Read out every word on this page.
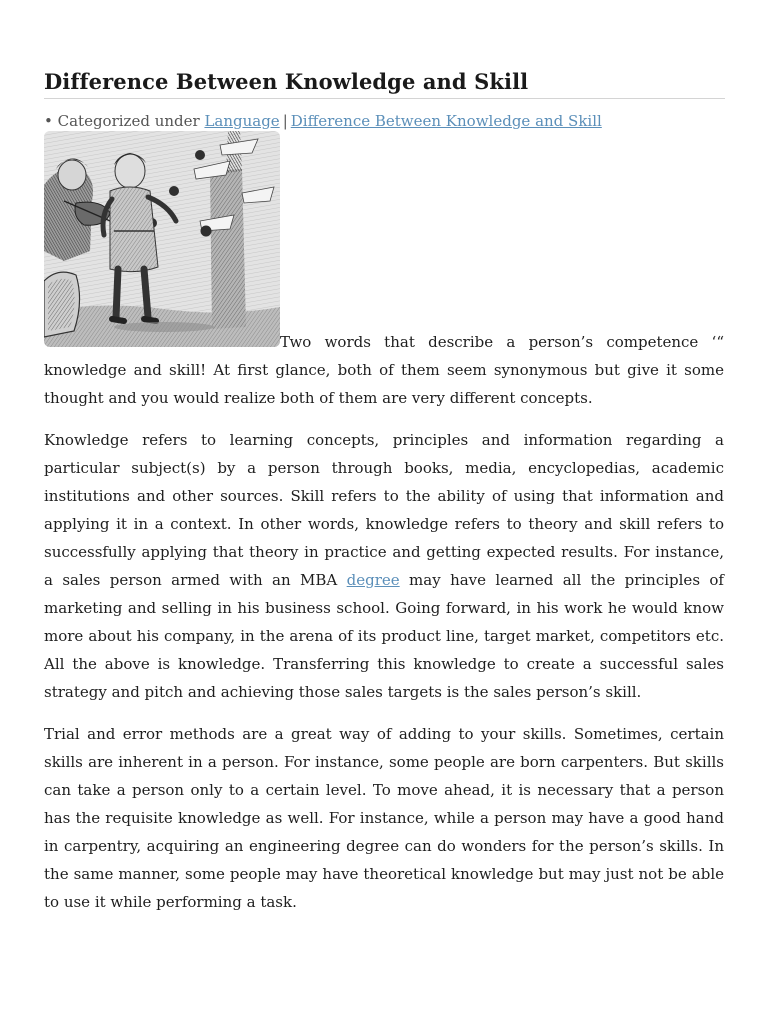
Difference Between Knowledge and Skill
• Categorized under Language | Difference Between Knowledge and Skill

Two words that describe a person’s competence ‘“ knowledge and skill! At first glance, both of them seem synonymous but give it some thought and you would realize both of them are very different concepts.

Knowledge refers to learning concepts, principles and information regarding a particular subject(s) by a person through books, media, encyclopedias, academic institutions and other sources. Skill refers to the ability of using that information and applying it in a context. In other words, knowledge refers to theory and skill refers to successfully applying that theory in practice and getting expected results. For instance, a sales person armed with an MBA degree may have learned all the principles of marketing and selling in his business school. Going forward, in his work he would know more about his company, in the arena of its product line, target market, competitors etc. All the above is knowledge. Transferring this knowledge to create a successful sales strategy and pitch and achieving those sales targets is the sales person’s skill.

Trial and error methods are a great way of adding to your skills. Sometimes, certain skills are inherent in a person. For instance, some people are born carpenters. But skills can take a person only to a certain level. To move ahead, it is necessary that a person has the requisite knowledge as well. For instance, while a person may have a good hand in carpentry, acquiring an engineering degree can do wonders for the person’s skills. In the same manner, some people may have theoretical knowledge but may just not be able to use it while performing a task.
